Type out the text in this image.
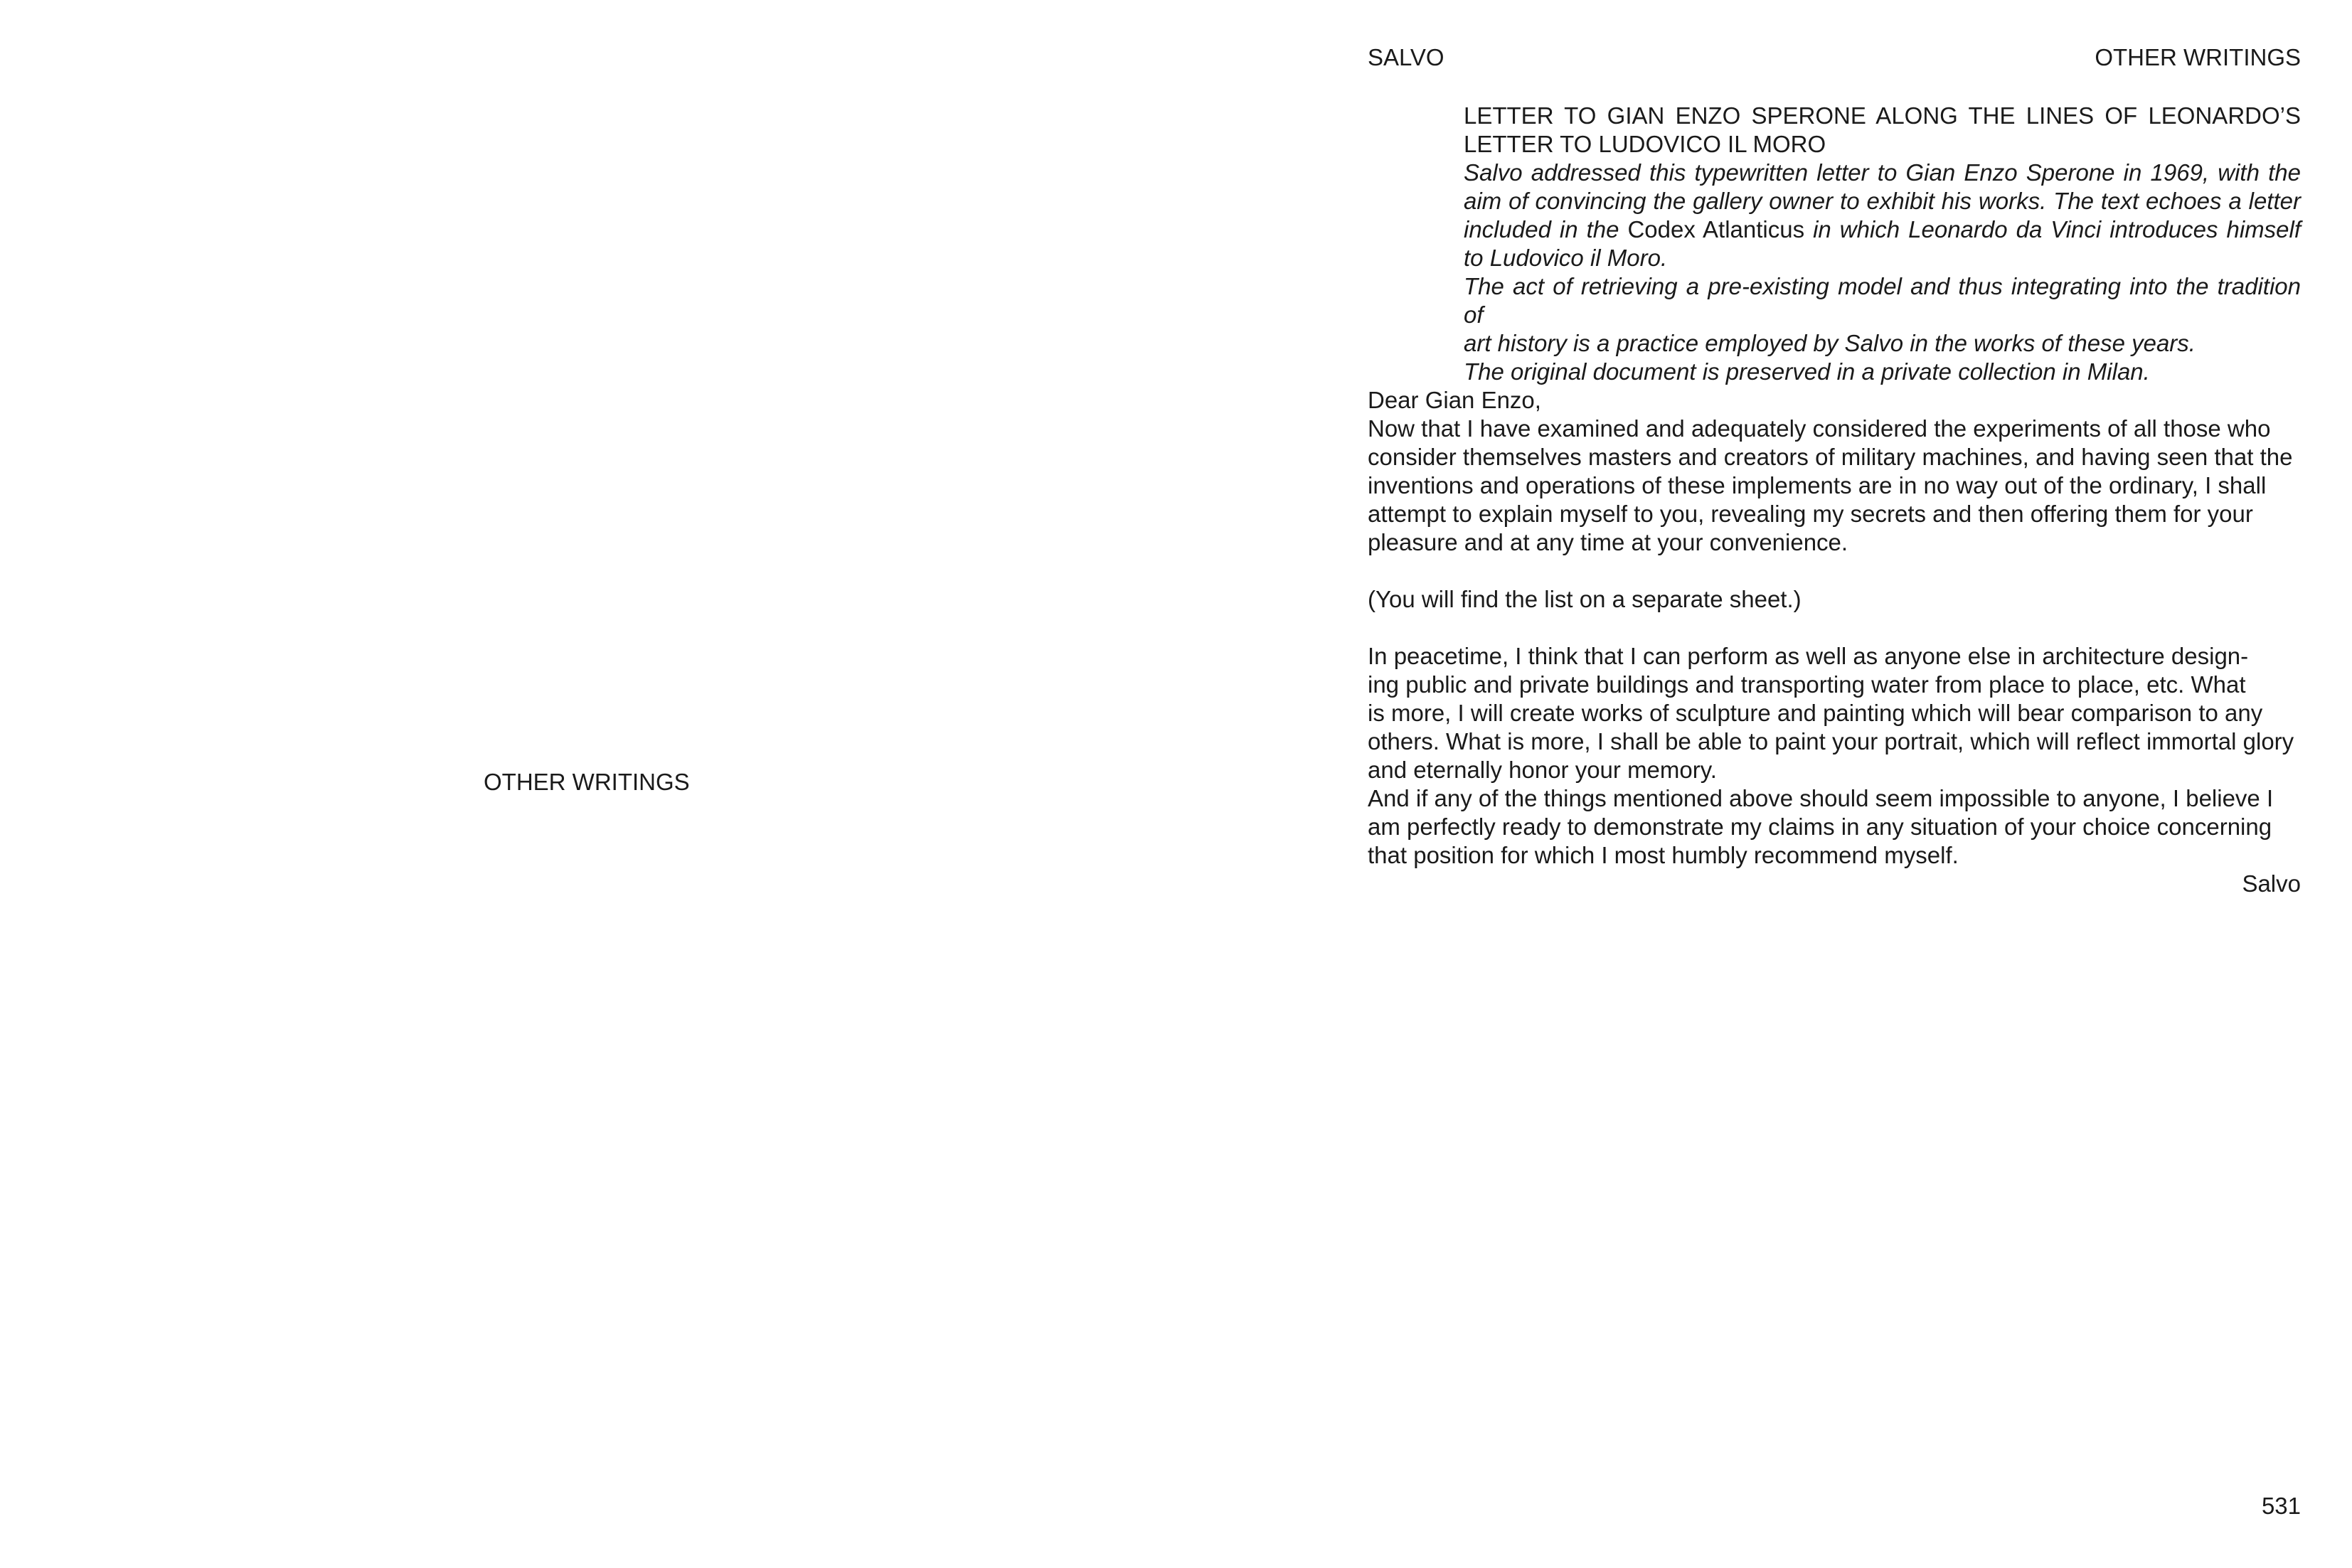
OTHER WRITINGS
SALVO	OTHER WRITINGS
LETTER TO GIAN ENZO SPERONE ALONG THE LINES OF LEONARDO’S
LETTER TO LUDOVICO IL MORO
Salvo addressed this typewritten letter to Gian Enzo Sperone in 1969, with the
aim of convincing the gallery owner to exhibit his works. The text echoes a letter
included in the Codex Atlanticus in which Leonardo da Vinci introduces himself
to Ludovico il Moro.
The act of retrieving a pre-existing model and thus integrating into the tradition of
art history is a practice employed by Salvo in the works of these years.
The original document is preserved in a private collection in Milan.
Dear Gian Enzo,
Now that I have examined and adequately considered the experiments of all those who
consider themselves masters and creators of military machines, and having seen that the
inventions and operations of these implements are in no way out of the ordinary, I shall
attempt to explain myself to you, revealing my secrets and then offering them for your
pleasure and at any time at your convenience.

(You will find the list on a separate sheet.)

In peacetime, I think that I can perform as well as anyone else in architecture design-
ing public and private buildings and transporting water from place to place, etc. What
is more, I will create works of sculpture and painting which will bear comparison to any
others. What is more, I shall be able to paint your portrait, which will reflect immortal glory
and eternally honor your memory.
And if any of the things mentioned above should seem impossible to anyone, I believe I
am perfectly ready to demonstrate my claims in any situation of your choice concerning
that position for which I most humbly recommend myself.
Salvo
531
